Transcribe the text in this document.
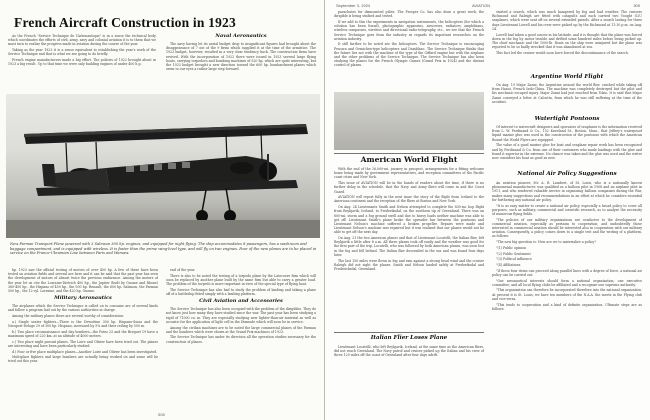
French Aircraft Construction in 1923

As the French "Service Technique de l'Aéronautique" is in a sense the technical body which coordinates the efforts of civil, army, navy and colonial aviation it is to them that we must turn to realize the progress made in aviation during the course of the year.

Taking as the year 1923 it is a sense equivalent to establishing the year's work of the Service Technique and that is what we are going to do briefly.

French engine manufacturers made a big effort. The policies of 1922 brought about in 1923 a big result. Up to that time we were only building engines of under 400 h.p.

Naval Aeronautics

The navy having let its aerial budget drop to insignificant figures had brought about the disappearance of 7 out of the 9 firms which supplied it at the time of the armistice. The 1923 budget, however, resulted in a very clear tendency back. The construction firms have revived. With the incorporation of 1922 there were issued in 1923 several large flying boats, carrying torpedoes and bombing machines of 520 hp. which are quite interesting, but the 1923 budget brought a new direction toward the 600 hp. bombardment planes which seem to our eyes a rather large step forward.

New Farman Transport Plane powered with 3 Salmson 300 hp. engines, and equipped for night flying. The ship accommodates 8 passengers, has a washroom and baggage compartment, and is equipped with wireless. It is faster than the prime wing-level type, and will fly on two engines. Four of the new planes are to be placed in service on the France-Ukrainian Line between Paris and Warsaw.

hp. 1923 saw the official testing of motors of over 400 hp. A few of these have been tested on aviation fields and several are here and it can be said that the past year has seen the development of motors of almost twice the previous endurance. Among the motors of the year let us cite the Lorraine-Dietrich 400 hp., the Jupiter (built by Gnome and Rhone) 380-400 hp., the Hispano of 450 hp., the 500 hp. Renault, the 600 hp. Salmson, the Farman 500 hp., the 12-cyl. Lorraine, and the 420 hp. Gnome.

Military Aeronautics

The airplanes which the Service Technique is called on to consume are of several kinds and follow a program laid out by the various authorities in charge.

Among the military planes there are several worthy of consideration:

a.) Single seater fighters—There is the Dewoitine 300 hp. Hispano-Suiza and the Nieuport-Delage 29 of 300 hp. Hispano, increased by 5% and their ceiling by 500 m.

b.) Two place reconnaissance and day bombers—the Potez 25 and the Breguet 19 have a maximum speed of 220 km. at an altitude of 4000 meters.

c.) Two place night pursuit planes. The Loire and Olivier have been tried out. The planes are interesting and have been particularly studied.

d.) Four or five place multiplace planes—Another Loire and Olivier has been investigated.

Multiplace fighters and large bombers are actually being worked on and some will be tried out this year.

end of the year.

There is also to be noted the testing of a torpedo plane by the Latecoere firm which will soon be replaced by another plane built by the same firm but able to carry a greater load. The problem of the torpedo is more important in view of the special type of flying boat.

The Service Technique has also had to study the problem of landing and taking a plane off of a battleship fitted simply with a landing platform.

Civil Aviation and Accessories

The Service Technique has also been occupied with the problem of the dirigibles. They do not know just how many they have studied since the war. The past year has been studying a rigid of 71000 cu. m. They are especially studying new lighter-than-air material as well as acoustic for the application of light cell in the Dixmude which will soon be in service.

Among the civilian machines are to be noted the large commercial planes of the Farman and the bombers which were shown at the Grand Prix machines of 1923.

The Service Technique has under its direction all the operation studies necessary for the construction of planes.

508
September 3, 1924	AVIATION	309

parachutes for dismounted pilots. The Prosper Co. has also done a great work, the dirigible is being studied and tested.

If we add to this the experiments in navigation instruments, the helicopters (for which a solution has been found), photographic apparatus, airscrews, radiators, amphibians, wireless compasses, wireless and directional radio-telegraphy, etc., we see that the French Service Technique goes from the industry as regards its important researches on the aviation industry.

It still further to be noted are the helicopters. The Service Technique is encouraging Pescara and Oemichen-type helicopters and Damblanc. The Service Technique thinks that the future lies not with the machine of the type of the Giffard engine but with the airplane and the other problems of the Service Technique. The Service Technique has also been studying the planes for the French Olympic Games (Grand Prix in 1924) and the distant control of planes.

American World Flight

With the end of the 26,000-mi. journey in prospect, arrangements for a fitting welcome home being made by government representatives, and reception committees of the Pacific coast cities and New York.

This issue of AVIATION will be in the hands of readers about the time, if there is no further delay in the schedule, that the Navy and Army fliers will come in and the Coast Guard.

AVIATION will report fully in the next issue the story of the flight from Iceland to the American continent and the reception of the fliers at Boston and New York.

On Aug. 24 Lieutenants Smith and Nelson attempted to complete the 830-mi. hop flight from Reykjavik, Iceland, to Frederiksdal, on the southern tip of Greenland. There was an 800-mi. storm and a fog ground swell and due to heavy loads neither machine was able to get off. Lieutenant Smith's plane broke the spreader bar between the pontoons and Lieutenant Nelson's machine suffered a broken propeller. Repairs were made and Lieutenant Nelson's machine was repaired but it was realized that our planes would not be able to get off the next day.

On Aug. 21 the two American planes and that of Lieutenant Locatelli, the Italian flier, left Reykjavik a little after 8 a.m. All three planes took off easily and the weather was good for the first part of the trip. Locatelli, who was followed by both American planes, was soon lost in the fog and fell behind. The Italian flier descended in the sea and was found four days later.

The last 150 miles were flown in fog and rain against a strong head wind and the cruiser Raleigh did not sight the planes. Smith and Nelson landed safely at Frederiksdal and Fredericksdal, Greenland.

Italian Flier Loses Plane

Lieutenant Locatelli, who left Reykjavik, Iceland, at the same time as the American fliers, did not reach Greenland. The Navy patrol and cruiser picked up the Italian and his crew of three 120 miles off the coast of Greenland after four days adrift.

started a search, which was much hampered by fog and bad weather. The cruisers Richmond and Raleigh are fitted with catapults and each carried two Vought O2U seaplanes, which were sent off on several extended patrols. After a search lasting for three days Lieutenant Lowell and his crew were picked up by the Richmond at 11:30 p.m. on Aug. 24.

Lowell had taken a good course in his latitude, and it is thought that the plane was forced down in the fog by motor trouble and drifted some hundred miles before being picked up. The chief mechanic and the 1000-lb. floats on the ship were uninjured but the plane was reported to be so badly wrecked that it was abandoned at sea.

This fact led the cruiser would soon have forced the discontinuance of the search.

Argentine World Flight

On Aug. 19 Major Zanni, the Argentine around the world flier, crashed while taking off from Hanoi, French Indo-China. The machine was completely destroyed but the pilot and his mechanic escaped injury. Major Zanni had just reached from Tokio. It is said that Major Zanni conveyed a letter at Calcutta, from which he was still suffering at the time of the accident.

Watertight Pontoons

Of interest to watercraft designers and operators of seaplanes is the information received from L. W. Ferdinand & Co., 152 Kneeland St., Boston, Mass., that Jeffery's waterproof liquid marine glue was used in the construction of the pontoons with which the American Round the World Flyers are equipped.

The value of a good marine glue for boat and seaplane repair work has been recognized and by Ferdinand & Co. from one of their customers who made landings with the glue and found it superior in the extreme. No chance was taken and the glue was used and the writer now considers his boat as good as new.

National Air Policy Suggestions

An aviation pioneer, Mr. A. R. Lambert, of St. Louis, who is a nationally known phenomenal manufacturer, was qualified as a balloon pilot in 1908 and an airplane pilot in 1911, and who rendered valuable service in organizing balloon companies during the War, makes many suggestions and recommendations in an effort at which he considers essential for furthering any national air policy.

"It is as easy matter to create a national air policy, especially a broad policy to cover all purposes, such as military, commercial and scientific research, as to analyze the necessity of numerous flying fields.

"The policies of our military organizations are conducive to the development of commercial aviation, especially as pertains to cooperation; and undoubtedly those interested in commercial aviation should be interested also in cooperation with our military aviation. Consequently, a policy comes down to a single test and the writing of a platform, as follows:

"The new big question is: How are we to materialize a policy?

"(1) Public opinion

"(2) Public Sentiment

"(3) Political influence

"(4) Affiliations

"If these four items can proceed along parallel lines with a degree of force, a national air policy can be carried out.

"Our aeronautical interests should form a national organization; one executive committee; and all local flying clubs be affiliated and a recognize one supreme authority.

"This organization can therefore be incorporated therefore into the national organization. At present it is St. Louis, we have ten members of the N.A.A. the meets in the Flying club and vice-versa.

"This tends to cooperation and a kind of definite organization. Ultimate steps are as follows:
